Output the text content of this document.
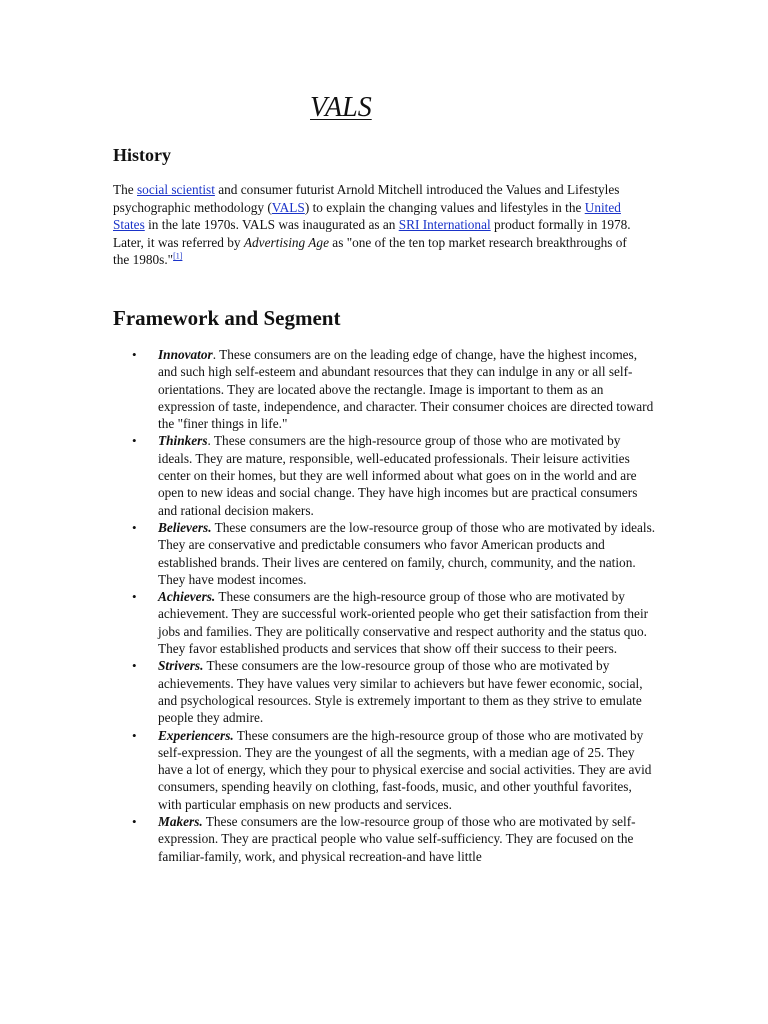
VALS
History

The social scientist and consumer futurist Arnold Mitchell introduced the Values and Lifestyles psychographic methodology (VALS) to explain the changing values and lifestyles in the United States in the late 1970s. VALS was inaugurated as an SRI International product formally in 1978. Later, it was referred by Advertising Age as "one of the ten top market research breakthroughs of the 1980s."[1]

Framework and Segment
• Innovator. These consumers are on the leading edge of change, have the highest incomes, and such high self-esteem and abundant resources that they can indulge in any or all self-orientations. They are located above the rectangle. Image is important to them as an expression of taste, independence, and character. Their consumer choices are directed toward the "finer things in life."
• Thinkers. These consumers are the high-resource group of those who are motivated by ideals. They are mature, responsible, well-educated professionals. Their leisure activities center on their homes, but they are well informed about what goes on in the world and are open to new ideas and social change. They have high incomes but are practical consumers and rational decision makers.
• Believers. These consumers are the low-resource group of those who are motivated by ideals. They are conservative and predictable consumers who favor American products and established brands. Their lives are centered on family, church, community, and the nation. They have modest incomes.
• Achievers. These consumers are the high-resource group of those who are motivated by achievement. They are successful work-oriented people who get their satisfaction from their jobs and families. They are politically conservative and respect authority and the status quo. They favor established products and services that show off their success to their peers.
• Strivers. These consumers are the low-resource group of those who are motivated by achievements. They have values very similar to achievers but have fewer economic, social, and psychological resources. Style is extremely important to them as they strive to emulate people they admire.
• Experiencers. These consumers are the high-resource group of those who are motivated by self-expression. They are the youngest of all the segments, with a median age of 25. They have a lot of energy, which they pour to physical exercise and social activities. They are avid consumers, spending heavily on clothing, fast-foods, music, and other youthful favorites, with particular emphasis on new products and services.
• Makers. These consumers are the low-resource group of those who are motivated by self-expression. They are practical people who value self-sufficiency. They are focused on the familiar-family, work, and physical recreation-and have little
